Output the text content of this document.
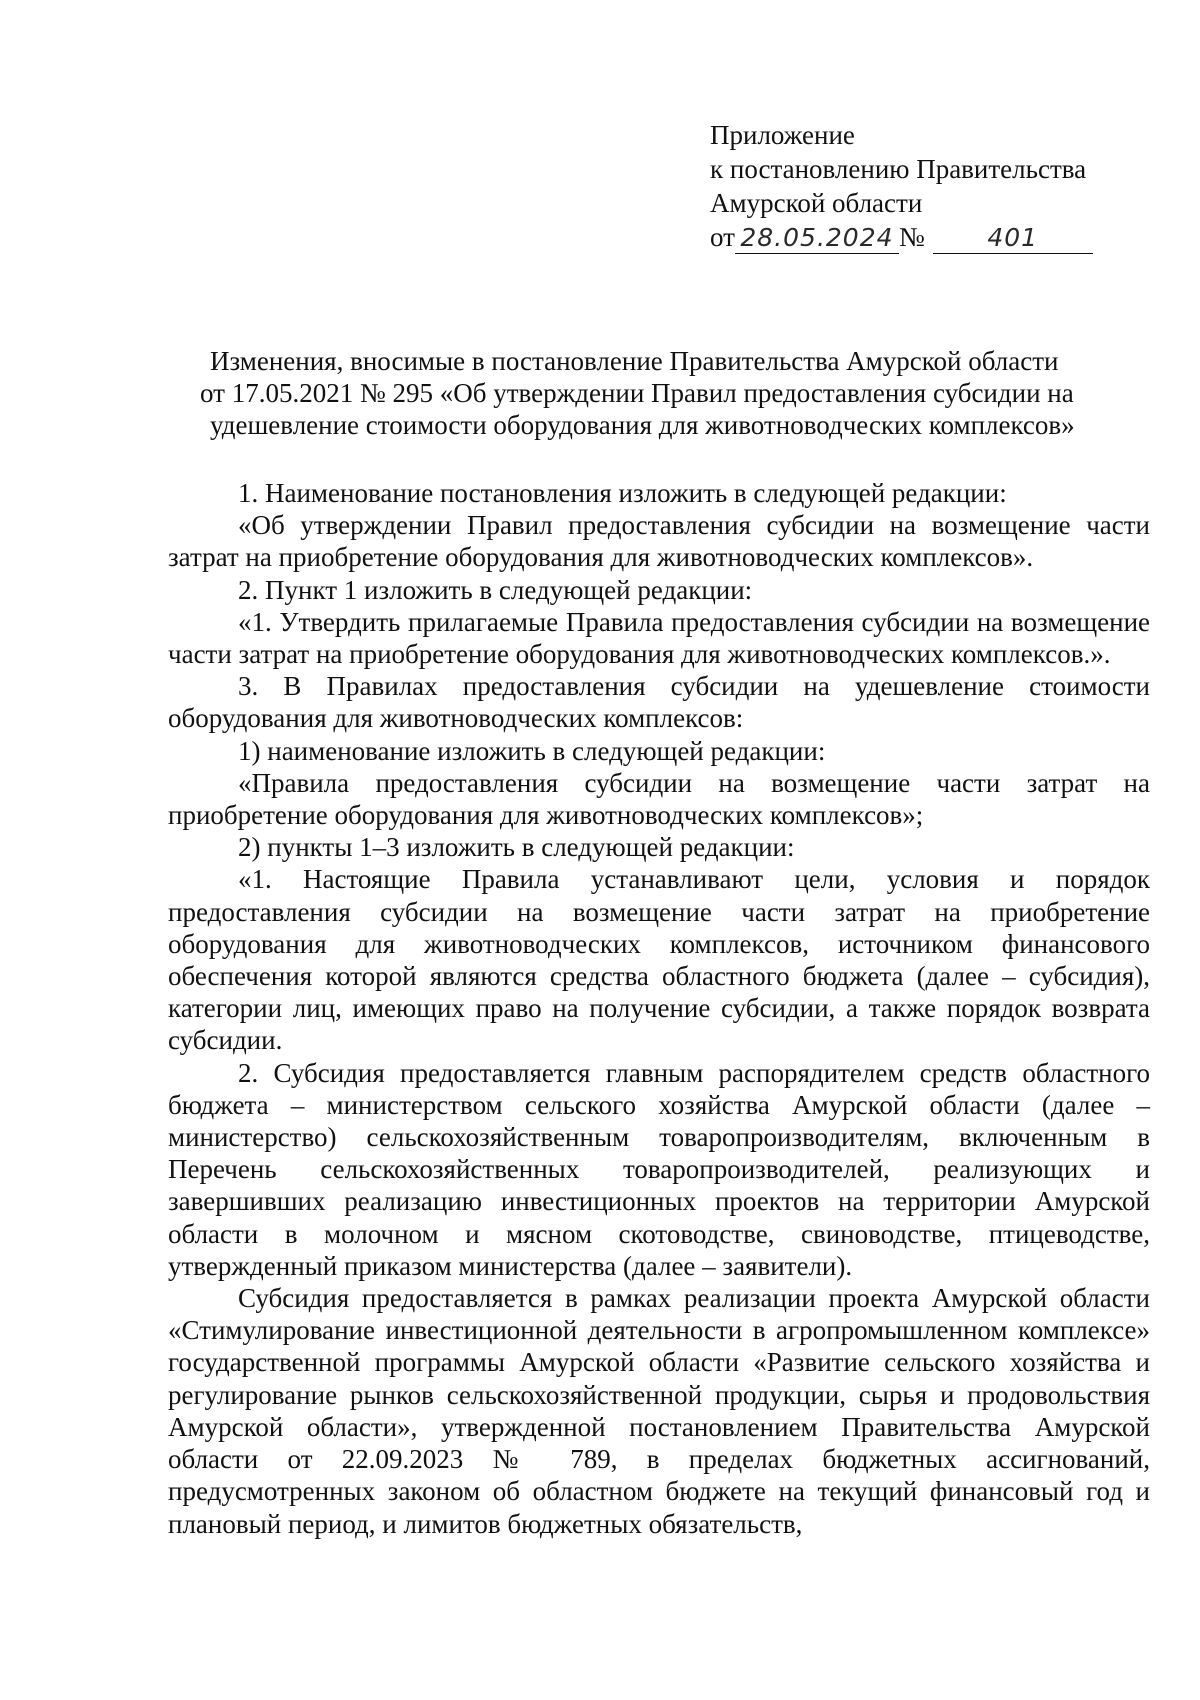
Приложение
к постановлению Правительства
Амурской области
от 28.05.2024 №	401
Изменения, вносимые в постановление Правительства Амурской области
от 17.05.2021 № 295 «Об утверждении Правил предоставления субсидии на
удешевление стоимости оборудования для животноводческих комплексов»

1. Наименование постановления изложить в следующей редакции:

«Об утверждении Правил предоставления субсидии на возмещение части затрат на приобретение оборудования для животноводческих комплексов».

2. Пункт 1 изложить в следующей редакции:

«1. Утвердить прилагаемые Правила предоставления субсидии на возмещение части затрат на приобретение оборудования для животноводческих комплексов.».

3. В Правилах предоставления субсидии на удешевление стоимости оборудования для животноводческих комплексов:

1) наименование изложить в следующей редакции:

«Правила предоставления субсидии на возмещение части затрат на приобретение оборудования для животноводческих комплексов»;

2) пункты 1–3 изложить в следующей редакции:

«1. Настоящие Правила устанавливают цели, условия и порядок предоставления субсидии на возмещение части затрат на приобретение оборудования для животноводческих комплексов, источником финансового обеспечения которой являются средства областного бюджета (далее – субсидия), категории лиц, имеющих право на получение субсидии, а также порядок возврата субсидии.

2. Субсидия предоставляется главным распорядителем средств областного бюджета – министерством сельского хозяйства Амурской области (далее – министерство) сельскохозяйственным товаропроизводителям, включенным в Перечень сельскохозяйственных товаропроизводителей, реализующих и завершивших реализацию инвестиционных проектов на территории Амурской области в молочном и мясном скотоводстве, свиноводстве, птицеводстве, утвержденный приказом министерства (далее – заявители).

Субсидия предоставляется в рамках реализации проекта Амурской области «Стимулирование инвестиционной деятельности в агропромышленном комплексе» государственной программы Амурской области «Развитие сельского хозяйства и регулирование рынков сельскохозяйственной продукции, сырья и продовольствия Амурской области», утвержденной постановлением Правительства Амурской области от 22.09.2023 № 789, в пределах бюджетных ассигнований, предусмотренных законом об областном бюджете на текущий финансовый год и плановый период, и лимитов бюджетных обязательств,
